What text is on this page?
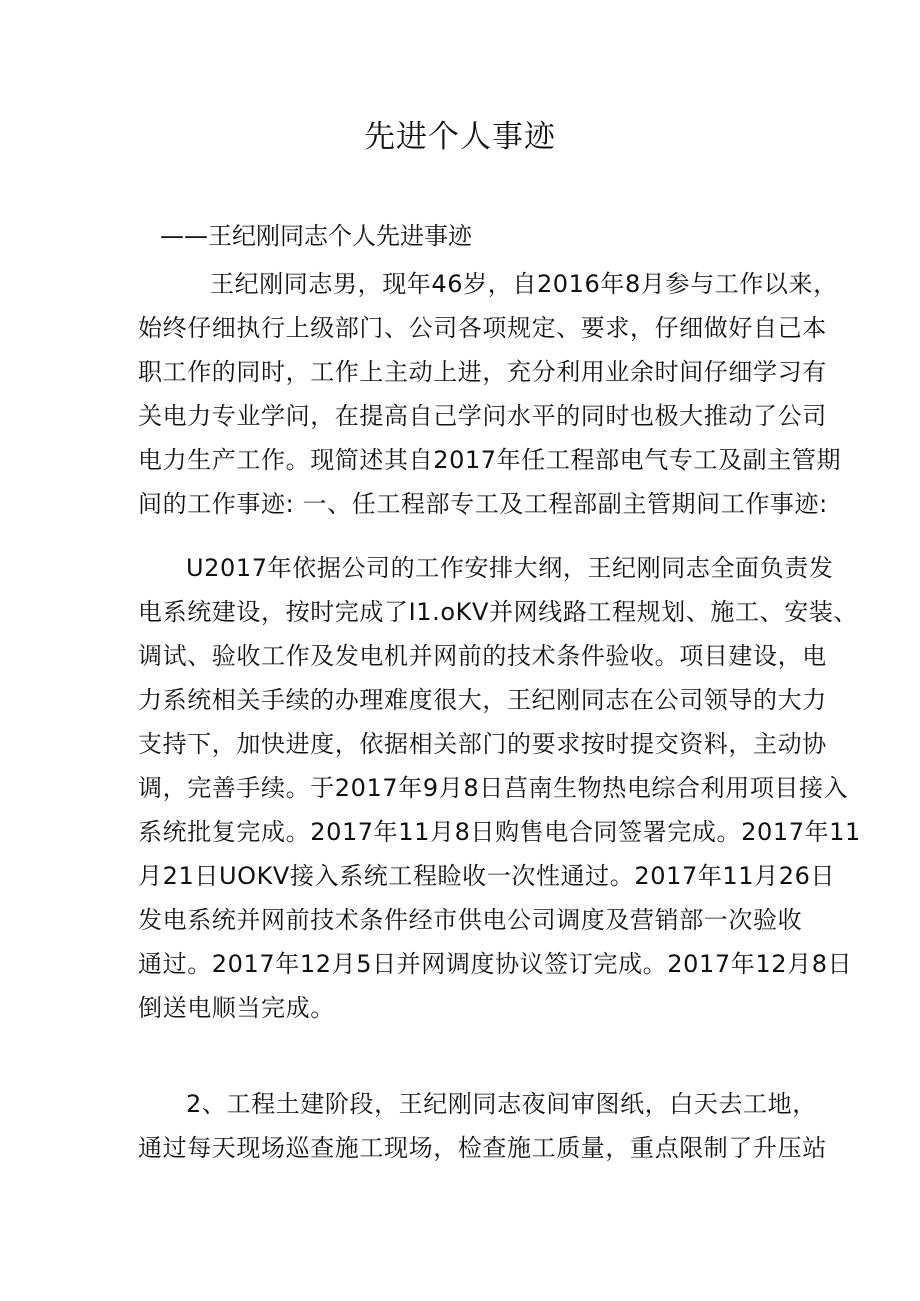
先进个人事迹
——王纪刚同志个人先进事迹
王纪刚同志男，现年46岁，自2016年8月参与工作以来，
始终仔细执行上级部门、公司各项规定、要求，仔细做好自己本
职工作的同时，工作上主动上进，充分利用业余时间仔细学习有
关电力专业学问，在提高自己学问水平的同时也极大推动了公司
电力生产工作。现简述其自2017年任工程部电气专工及副主管期
间的工作事迹: 一、任工程部专工及工程部副主管期间工作事迹:
U2017年依据公司的工作安排大纲，王纪刚同志全面负责发
电系统建设，按时完成了I1.oKV并网线路工程规划、施工、安装、
调试、验收工作及发电机并网前的技术条件验收。项目建设，电
力系统相关手续的办理难度很大，王纪刚同志在公司领导的大力
支持下，加快进度，依据相关部门的要求按时提交资料，主动协
调，完善手续。于2017年9月8日莒南生物热电综合利用项目接入
系统批复完成。2017年11月8日购售电合同签署完成。2017年11
月21日UOKV接入系统工程睑收一次性通过。2017年11月26日
发电系统并网前技术条件经市供电公司调度及营销部一次验收
通过。2017年12月5日并网调度协议签订完成。2017年12月8日
倒送电顺当完成。
2、工程土建阶段，王纪刚同志夜间审图纸，白天去工地，
通过每天现场巡查施工现场，检查施工质量，重点限制了升压站
